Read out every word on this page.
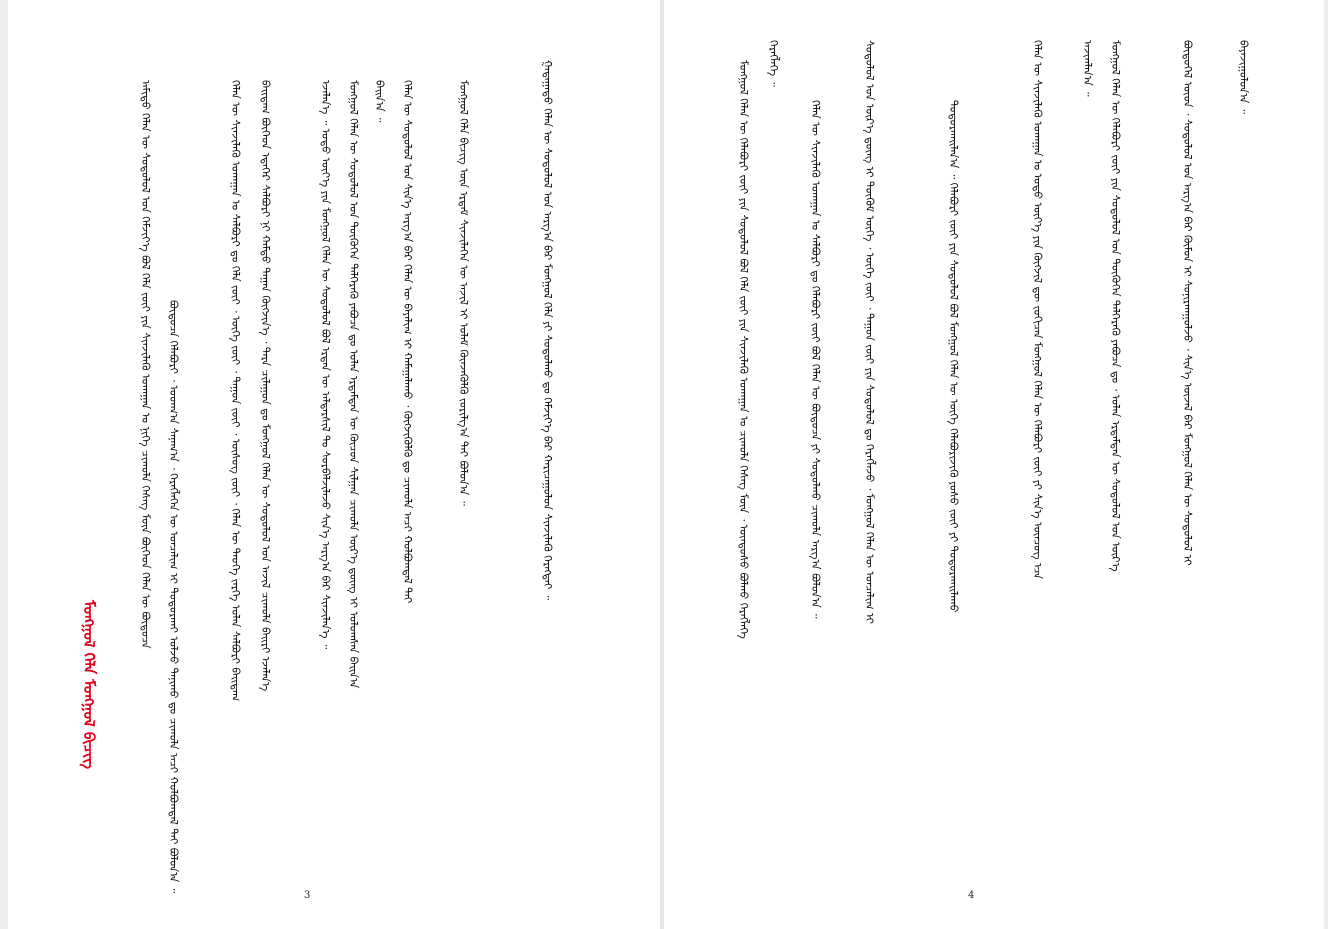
ᠮᠣᠩᠭᠣᠯ ᠬᠡᠯᠡ ᠮᠣᠩᠭᠣᠯ ᠪᠢᠴᠢᠭ᠌
ᠠᠮᠢᠳᠤ ᠬᠡᠯᠡᠨ ᠦ ᠰᠤᠳᠤᠯᠤᠯ ᠤᠨ ᠬᠡᠮᠵᠢᠶ᠎ᠡ ᠪᠣᠯ ᠬᠡᠯᠡ ᠵᠦᠢ ᠶᠢᠨ ᠰᠢᠨᠵᠢᠯᠡᠬᠦ ᠤᠬᠠᠭᠠᠨ ᠤ ᠨᠢᠭᠡ ᠴᠢᠬᠤᠯᠠ ᠬᠡᠰᠡᠭ ᠮᠥᠨ ᠪᠥᠭᠡᠳ ᠬᠡᠯᠡᠨ ᠦ ᠪᠦᠲᠦᠴᠡ ᠪᠦᠲᠦᠴᠡ ᠬᠡᠯᠡᠪᠦᠷᠢ ᠂ ᠤᠳᠬ᠎ᠠ ᠰᠠᠨᠠᠭ᠎ᠠ ᠂ ᠬᠡᠷᠡᠭᠯᠡᠭᠡᠨ ᠦ ᠣᠨᠴᠠᠯᠢᠭ ᠢ ᠲᠣᠳᠣᠷᠬᠠᠢ ᠣᠯᠵᠤ ᠲᠠᠨᠢᠬᠤ ᠳᠤ ᠴᠢᠬᠤᠯᠠ ᠠᠴᠢ ᠬᠣᠯᠪᠣᠭᠳᠠᠯ ᠲᠠᠢ ᠪᠣᠯᠤᠨ᠎ᠠ ᠃	ᠬᠡᠯᠡᠨ ᠦ ᠰᠢᠨᠵᠢᠯᠡᠬᠦ ᠤᠬᠠᠭᠠᠨ ᠤ ᠰᠠᠯᠪᠤᠷᠢ ᠳᠤ ᠬᠡᠯᠡ ᠵᠦᠢ ᠂ ᠦᠭᠡ ᠵᠦᠢ ᠂ ᠳᠠᠭᠤᠨ ᠵᠦᠢ ᠂ ᠦᠰᠦᠭ ᠵᠦᠢ ᠂ ᠬᠡᠯᠡᠨ ᠦ ᠲᠡᠦᠬᠡ ᠵᠡᠷᠭᠡ ᠣᠯᠠᠨ ᠰᠠᠯᠪᠤᠷᠢ ᠪᠠᠢᠳᠠᠭ ᠪᠠᠢᠳᠠᠭ ᠪᠥᠭᠡᠳ ᠡᠳᠡᠭᠡᠷ ᠰᠠᠯᠪᠤᠷᠢ ᠨᠢ ᠬᠠᠮᠲᠤ ᠳᠠᠭᠠᠨ ᠬᠥᠭᠵᠢᠨ᠎ᠡ ᠂ ᠲᠡᠷᠡ ᠴᠢᠯᠠᠭᠤᠨ ᠳᠤ ᠮᠣᠩᠭᠣᠯ ᠬᠡᠯᠡᠨ ᠦ ᠰᠤᠳᠤᠯᠤᠯ ᠤᠨ ᠠᠵᠢᠯ ᠴᠢᠬᠤᠯᠠ ᠪᠠᠢᠷᠢ ᠡᠵᠡᠯᠡᠨ᠎ᠡ	ᠡᠵᠡᠯᠡᠨ᠎ᠡ ᠃ ᠣᠳᠣ ᠦᠶ᠎ᠡ ᠶᠢᠨ ᠮᠣᠩᠭᠣᠯ ᠬᠡᠯᠡᠨ ᠦ ᠰᠤᠳᠤᠯᠤᠯ ᠪᠣᠯ ᠡᠷᠲᠡᠨ ᠦ ᠠᠯᠳᠠᠷᠰᠢᠯ ᠲᠤ ᠰᠤᠷᠪᠠᠯᠵᠢᠯᠠᠵᠤ ᠰᠢᠨ᠎ᠡ ᠠᠷᠭ᠎ᠠ ᠪᠠᠷ ᠰᠢᠨᠵᠢᠯᠡᠨ᠎ᠡ ᠃ ᠮᠣᠩᠭᠣᠯ ᠬᠡᠯᠡᠨ ᠦ ᠰᠤᠳᠤᠯᠤᠯ ᠤᠨ ᠲᠦᠭᠦᠭᠡᠨ ᠳᠡᠯᠭᠡᠷᠡᠬᠦ ᠶᠠᠪᠤᠴᠠ ᠳᠤ ᠣᠯᠠᠨ ᠡᠷᠳᠡᠮᠲᠡᠨ ᠦ ᠬᠦᠴᠦᠨ ᠰᠢᠯᠭᠠᠨ ᠴᠢᠬᠤᠯᠠ ᠦᠷ᠎ᠡ ᠳ᠋ᠦᠩ ᠢ ᠣᠯᠤᠭᠰᠠᠨ ᠪᠠᠢᠨ᠎ᠠ ᠪᠠᠢᠨ᠎ᠠ ᠃ ᠬᠡᠯᠡᠨ ᠦ ᠰᠤᠳᠤᠯᠤᠯ ᠤᠨ ᠰᠢᠨ᠎ᠡ ᠠᠷᠭ᠎ᠠ ᠪᠠᠷ ᠬᠡᠯᠡᠨ ᠦ ᠪᠠᠶᠠᠯᠢᠭ ᠢ ᠬᠠᠮᠠᠭᠠᠯᠠᠬᠤ ᠂ ᠬᠥᠭᠵᠢᠭᠦᠯᠬᠦ ᠳᠤ ᠴᠢᠬᠤᠯᠠ ᠠᠴᠢ ᠬᠣᠯᠪᠣᠭᠳᠠᠯ ᠲᠠᠢ	ᠮᠣᠩᠭᠣᠯ ᠬᠡᠯᠡ ᠪᠢᠴᠢᠭ ᠦᠨ ᠡᠷᠳᠡᠮ ᠰᠢᠨᠵᠢᠯᠡᠭᠡᠨ ᠦ ᠠᠵᠢᠯ ᠢ ᠤᠯᠠᠮ ᠭᠦᠨᠵᠡᠭᠦᠯᠬᠦ ᠵᠣᠷᠢᠯᠭ᠎ᠠ ᠲᠠᠢ ᠪᠣᠯᠤᠨ᠎ᠠ ᠃	ᠭᠠᠳᠠᠭᠠᠳᠤ ᠬᠡᠯᠡᠨ ᠦ ᠰᠤᠳᠤᠯᠤᠯ ᠤᠨ ᠠᠷᠭ᠎ᠠ ᠪᠠᠷ ᠮᠣᠩᠭᠣᠯ ᠬᠡᠯᠡ ᠶᠢ ᠰᠤᠳᠤᠯᠬᠤ ᠳᠤ ᠬᠡᠮᠵᠢᠶ᠎ᠡ ᠪᠠᠷ ᠬᠠᠷᠢᠴᠠᠭᠤᠯᠤᠨ ᠰᠢᠨᠵᠢᠯᠡᠬᠦ ᠬᠡᠷᠡᠭᠲᠡᠢ ᠃
3
ᠮᠣᠩᠭᠣᠯ ᠬᠡᠯᠡᠨ ᠦ ᠬᠡᠯᠡᠪᠦᠷᠢ ᠵᠦᠢ ᠶᠢᠨ ᠰᠤᠳᠤᠯᠤᠯ ᠪᠣᠯ ᠬᠡᠯᠡ ᠵᠦᠢ ᠶᠢᠨ ᠰᠢᠨᠵᠢᠯᠡᠬᠦ ᠤᠬᠠᠭᠠᠨ ᠤ ᠴᠢᠬᠤᠯᠠ ᠬᠡᠰᠡᠭ ᠮᠥᠨ ᠂ ᠦᠨᠳᠦᠰᠦ ᠪᠣᠯᠬᠤ ᠬᠡᠷᠡᠭᠯᠡᠭᠡ ᠬᠡᠷᠡᠭᠯᠡᠭᠡ ᠃
ᠬᠡᠯᠡᠨ ᠦ ᠰᠢᠨᠵᠢᠯᠡᠬᠦ ᠤᠬᠠᠭᠠᠨ ᠤ ᠰᠠᠯᠪᠤᠷᠢ ᠳᠤ ᠬᠡᠯᠡᠪᠦᠷᠢ ᠵᠦᠢ ᠪᠣᠯ ᠬᠡᠯᠡᠨ ᠦ ᠪᠦᠲᠦᠴᠡ ᠶᠢ ᠰᠤᠳᠤᠯᠬᠤ ᠴᠢᠬᠤᠯᠠ ᠠᠷᠭ᠎ᠠ ᠪᠣᠯᠤᠨ᠎ᠠ ᠃	ᠰᠤᠳᠤᠯᠤᠯ ᠤᠨ ᠦᠷ᠎ᠡ ᠳ᠋ᠦᠩ ᠢ ᠳᠦᠭᠦᠮ ᠦᠭᠡ ᠂ ᠦᠭᠡ ᠵᠦᠢ ᠂ ᠳᠠᠭᠤᠨ ᠵᠦᠢ ᠶᠢᠨ ᠰᠤᠳᠤᠯᠤᠯ ᠳᠤ ᠬᠡᠷᠡᠭᠯᠡᠵᠦ ᠂ ᠮᠣᠩᠭᠣᠯ ᠬᠡᠯᠡᠨ ᠦ ᠣᠨᠴᠠᠯᠢᠭ ᠢ	ᠲᠣᠳᠣᠷᠬᠠᠢᠯᠠᠨ᠎ᠠ ᠃ ᠬᠡᠯᠡᠪᠦᠷᠢ ᠵᠦᠢ ᠶᠢᠨ ᠰᠤᠳᠤᠯᠤᠯ ᠪᠣᠯ ᠮᠣᠩᠭᠣᠯ ᠬᠡᠯᠡᠨ ᠦ ᠦᠭᠡ ᠬᠡᠯᠡᠪᠦᠷᠢᠵᠢᠬᠦ ᠶᠣᠰᠣ ᠵᠦᠢ ᠶᠢ ᠲᠣᠳᠣᠷᠬᠠᠢᠯᠠᠬᠤ	ᠬᠡᠯᠡᠨ ᠦ ᠰᠢᠨᠵᠢᠯᠡᠬᠦ ᠤᠬᠠᠭᠠᠨ ᠤ ᠣᠳᠣ ᠦᠶ᠎ᠡ ᠶᠢᠨ ᠬᠥᠭᠵᠢᠯ ᠳᠦ ᠵᠣᠬᠢᠴᠠᠨ ᠮᠣᠩᠭᠣᠯ ᠬᠡᠯᠡᠨ ᠦ ᠬᠡᠯᠡᠪᠦᠷᠢ ᠵᠦᠢ ᠶᠢ ᠰᠢᠨ᠎ᠡ ᠥᠨᠴᠦᠭ ᠡᠴᠡ	ᠠᠵᠢᠭᠯᠠᠨ᠎ᠠ ᠃ ᠮᠣᠩᠭᠣᠯ ᠬᠡᠯᠡᠨ ᠦ ᠬᠡᠯᠡᠪᠦᠷᠢ ᠵᠦᠢ ᠶᠢᠨ ᠰᠤᠳᠤᠯᠤᠯ ᠤᠨ ᠲᠦᠭᠦᠭᠡᠨ ᠳᠡᠯᠭᠡᠷᠡᠬᠦ ᠶᠠᠪᠤᠴᠠ ᠳᠤ ᠂ ᠣᠯᠠᠨ ᠡᠷᠳᠡᠮᠲᠡᠨ ᠦ ᠰᠤᠳᠤᠯᠤᠯ ᠤᠨ ᠦᠷ᠎ᠡ	ᠪᠦᠲᠦᠭᠡᠯ ᠦᠳ ᠂ ᠰᠤᠳᠤᠯᠤᠯ ᠤᠨ ᠠᠷᠭ᠎ᠠ ᠪᠠᠷ ᠬᠦᠮᠦᠨ ᠢ ᠰᠣᠨᠢᠷᠬᠠᠭᠤᠯᠵᠤ ᠂ ᠰᠢᠨ᠎ᠡ ᠦᠵᠡᠯ ᠪᠠᠷ ᠮᠣᠩᠭᠣᠯ ᠬᠡᠯᠡᠨ ᠦ ᠰᠤᠳᠤᠯᠤᠯ ᠢ	ᠪᠠᠶᠠᠵᠢᠭᠤᠯᠤᠨ᠎ᠠ ᠃
4
